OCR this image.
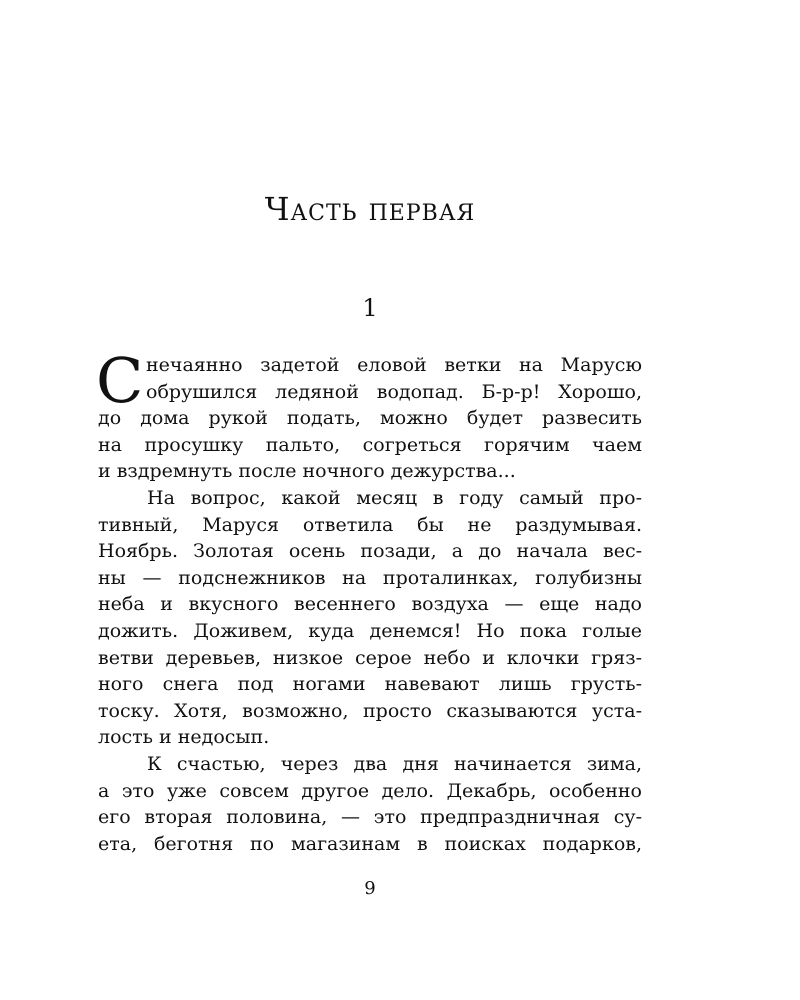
Часть первая
1
С нечаянно задетой еловой ветки на Марусю
обрушился ледяной водопад. Б-р-р! Хорошо,
до дома рукой подать, можно будет развесить
на просушку пальто, согреться горячим чаем
и вздремнуть после ночного дежурства...
На вопрос, какой месяц в году самый про-
тивный, Маруся ответила бы не раздумывая.
Ноябрь. Золотая осень позади, а до начала вес-
ны — подснежников на проталинках, голубизны
неба и вкусного весеннего воздуха — еще надо
дожить. Доживем, куда денемся! Но пока голые
ветви деревьев, низкое серое небо и клочки гряз-
ного снега под ногами навевают лишь грусть-
тоску. Хотя, возможно, просто сказываются уста-
лость и недосып.
К счастью, через два дня начинается зима,
а это уже совсем другое дело. Декабрь, особенно
его вторая половина, — это предпраздничная су-
ета, беготня по магазинам в поисках подарков,
9
